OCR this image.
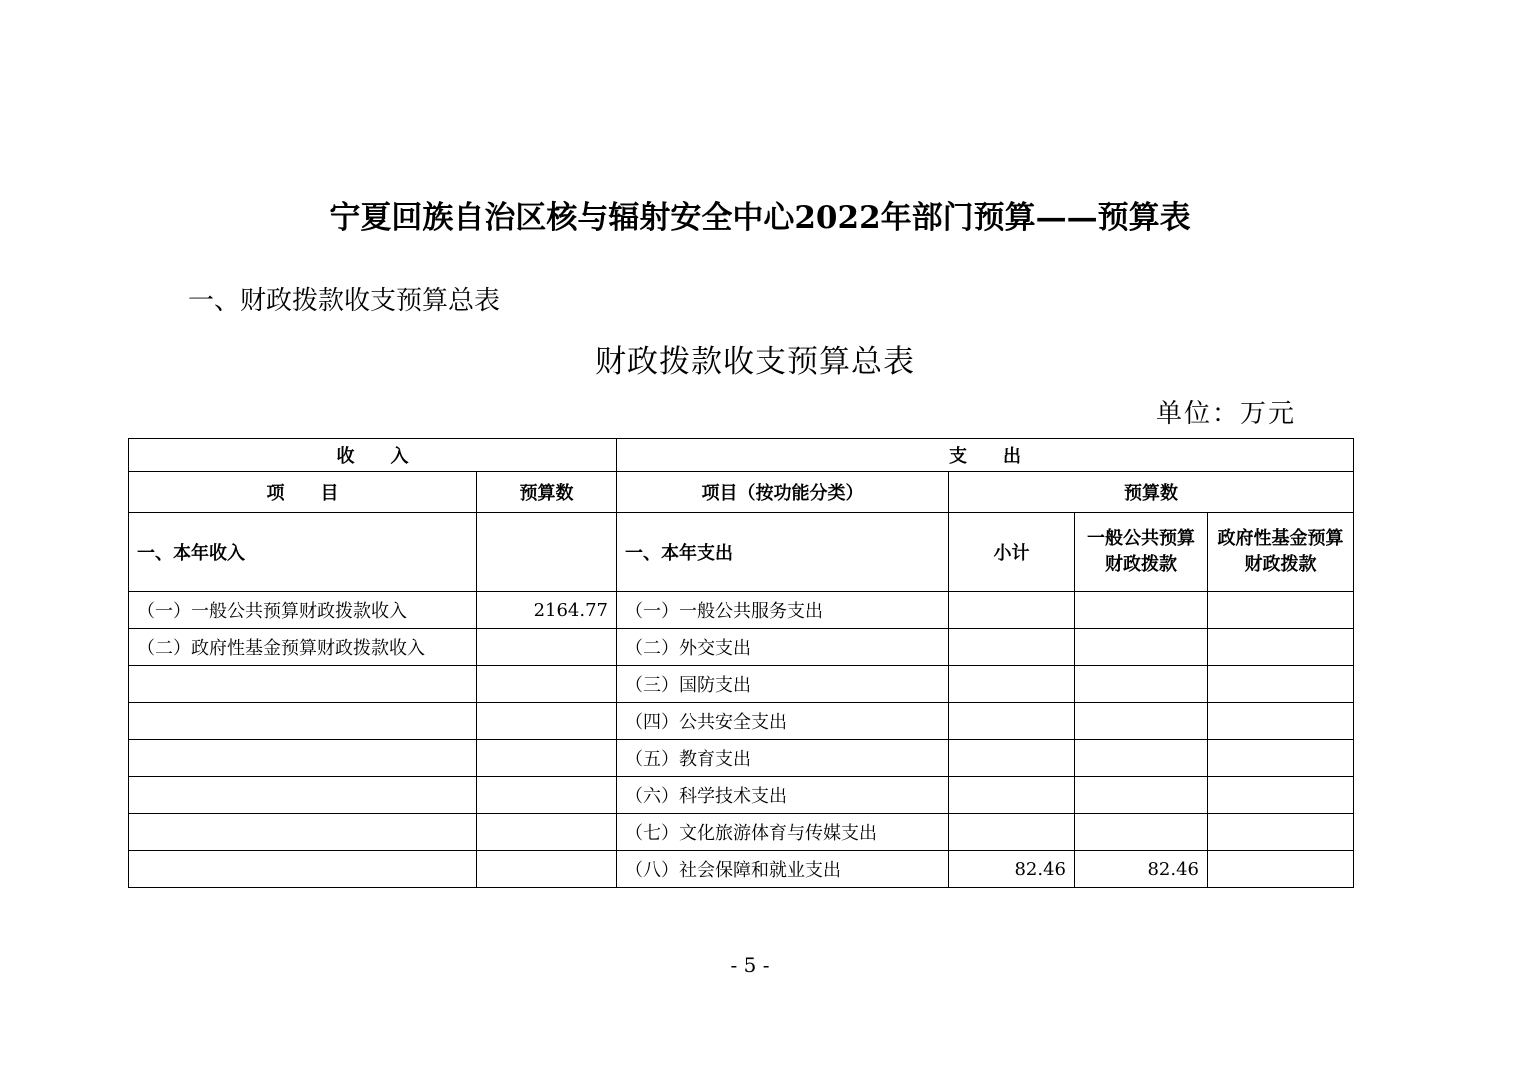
宁夏回族自治区核与辐射安全中心2022年部门预算——预算表
一、财政拨款收支预算总表
财政拨款收支预算总表
单位：万元
收　　入		支　　出			
项　　目	预算数	项目（按功能分类）	预算数		
一、本年收入		一、本年支出	小计	一般公共预算财政拨款	政府性基金预算财政拨款
（一）一般公共预算财政拨款收入	2164.77	（一）一般公共服务支出			
（二）政府性基金预算财政拨款收入		（二）外交支出			
		（三）国防支出			
		（四）公共安全支出			
		（五）教育支出			
		（六）科学技术支出			
		（七）文化旅游体育与传媒支出			
		（八）社会保障和就业支出	82.46	82.46	
- 5 -
